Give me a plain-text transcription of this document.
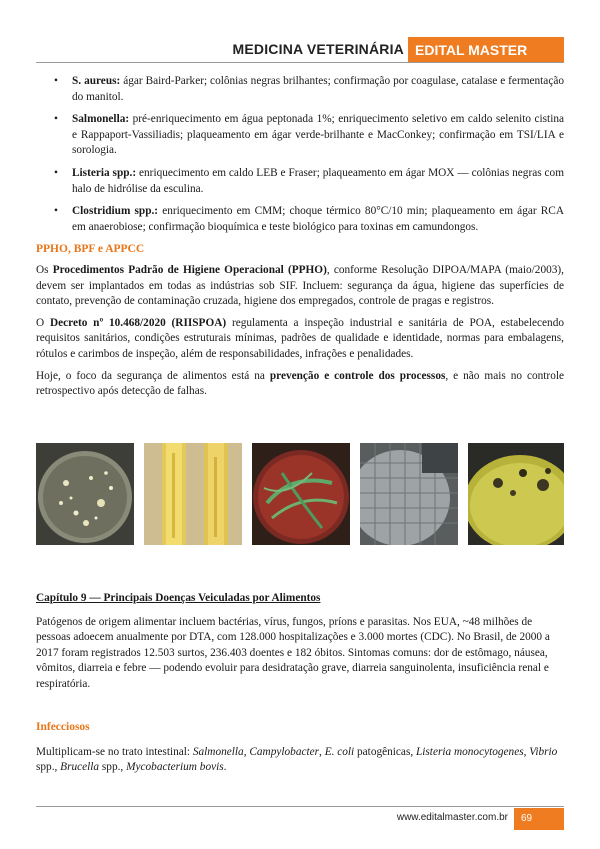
MEDICINA VETERINÁRIA EDITAL MASTER
• S. aureus: ágar Baird-Parker; colônias negras brilhantes; confirmação por coagulase, catalase e fermentação do manitol.
• Salmonella: pré-enriquecimento em água peptonada 1%; enriquecimento seletivo em caldo selenito cistina e Rappaport-Vassiliadis; plaqueamento em ágar verde-brilhante e MacConkey; confirmação em TSI/LIA e sorologia.
• Listeria spp.: enriquecimento em caldo LEB e Fraser; plaqueamento em ágar MOX — colônias negras com halo de hidrólise da esculina.
• Clostridium spp.: enriquecimento em CMM; choque térmico 80°C/10 min; plaqueamento em ágar RCA em anaerobiose; confirmação bioquímica e teste biológico para toxinas em camundongos.
PPHO, BPF e APPCC

Os Procedimentos Padrão de Higiene Operacional (PPHO), conforme Resolução DIPOA/MAPA (maio/2003), devem ser implantados em todas as indústrias sob SIF. Incluem: segurança da água, higiene das superfícies de contato, prevenção de contaminação cruzada, higiene dos empregados, controle de pragas e registros.

O Decreto nº 10.468/2020 (RIISPOA) regulamenta a inspeção industrial e sanitária de POA, estabelecendo requisitos sanitários, condições estruturais mínimas, padrões de qualidade e identidade, normas para embalagens, rótulos e carimbos de inspeção, além de responsabilidades, infrações e penalidades.

Hoje, o foco da segurança de alimentos está na prevenção e controle dos processos, e não mais no controle retrospectivo após detecção de falhas.

Capítulo 9 — Principais Doenças Veiculadas por Alimentos

Patógenos de origem alimentar incluem bactérias, vírus, fungos, príons e parasitas. Nos EUA, ~48 milhões de pessoas adoecem anualmente por DTA, com 128.000 hospitalizações e 3.000 mortes (CDC). No Brasil, de 2000 a 2017 foram registrados 12.503 surtos, 236.403 doentes e 182 óbitos. Sintomas comuns: dor de estômago, náusea, vômitos, diarreia e febre — podendo evoluir para desidratação grave, diarreia sanguinolenta, insuficiência renal e respiratória.

Infecciosos

Multiplicam-se no trato intestinal: Salmonella, Campylobacter, E. coli patogênicas, Listeria monocytogenes, Vibrio spp., Brucella spp., Mycobacterium bovis.

www.editalmaster.com.br	69
